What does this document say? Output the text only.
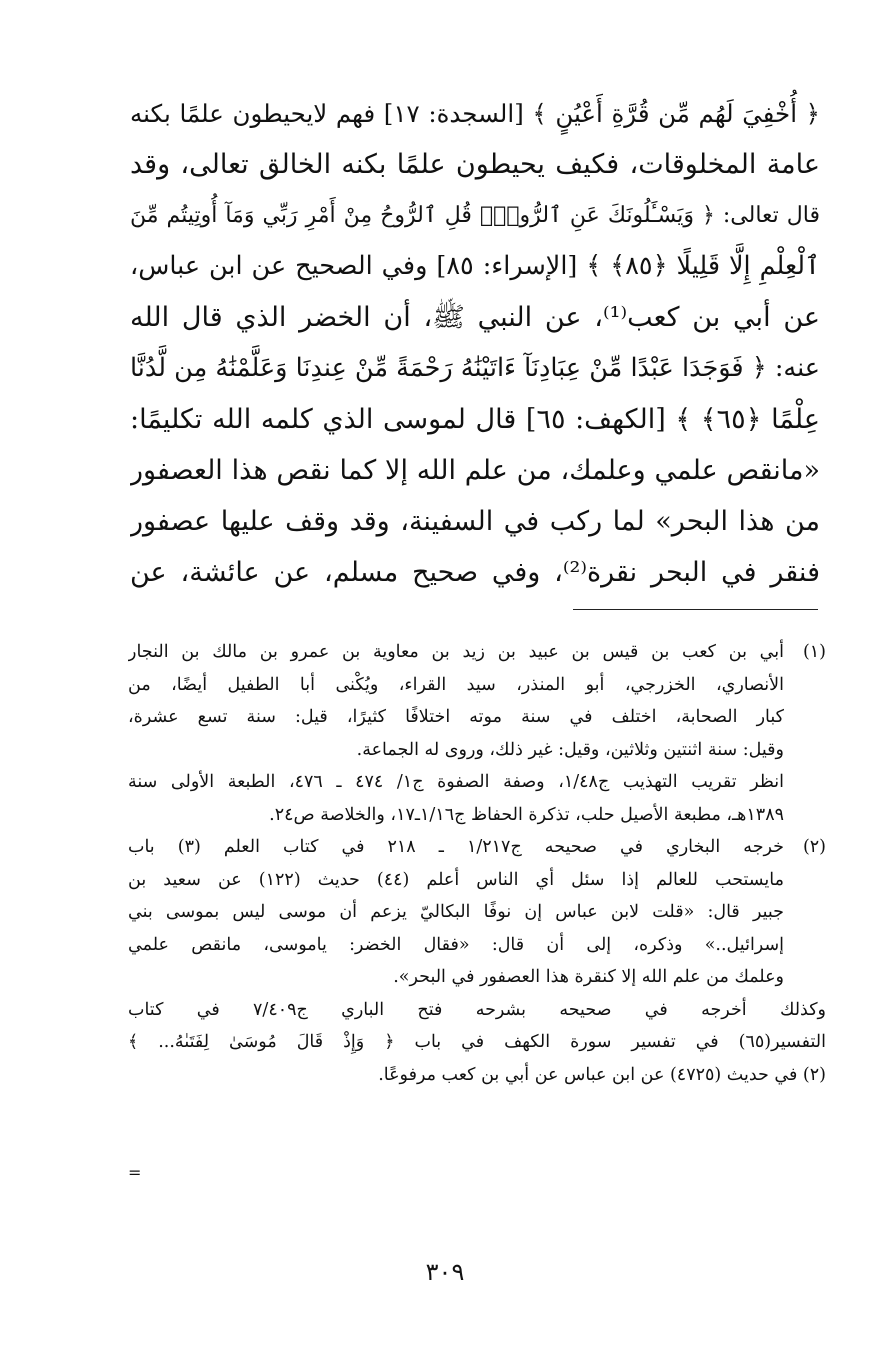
﴿ أُخْفِيَ لَهُم مِّن قُرَّةِ أَعْيُنٍ ﴾ [السجدة: ١٧] فهم لايحيطون علمًا بكنه
عامة المخلوقات، فكيف يحيطون علمًا بكنه الخالق تعالى، وقد
قال تعالى: ﴿ وَيَسْـَٔلُونَكَ عَنِ ٱلرُّوحِۖ قُلِ ٱلرُّوحُ مِنْ أَمْرِ رَبِّي وَمَآ أُوتِيتُم مِّنَ
ٱلْعِلْمِ إِلَّا قَلِيلًا ﴿٨٥﴾ ﴾ [الإسراء: ٨٥] وفي الصحيح عن ابن عباس،
عن أبي بن كعب⁽¹⁾، عن النبي ﷺ، أن الخضر الذي قال الله
عنه: ﴿ فَوَجَدَا عَبْدًا مِّنْ عِبَادِنَآ ءَاتَيْنَٰهُ رَحْمَةً مِّنْ عِندِنَا وَعَلَّمْنَٰهُ مِن لَّدُنَّا
عِلْمًا ﴿٦٥﴾ ﴾ [الكهف: ٦٥] قال لموسى الذي كلمه الله تكليمًا:
«مانقص علمي وعلمك، من علم الله إلا كما نقص هذا العصفور
من هذا البحر» لما ركب في السفينة، وقد وقف عليها عصفور
فنقر في البحر نقرة⁽²⁾، وفي صحيح مسلم، عن عائشة، عن
(١)
أبي بن كعب بن قيس بن عبيد بن زيد بن معاوية بن عمرو بن مالك بن النجار
الأنصاري، الخزرجي، أبو المنذر، سيد القراء، ويُكْنى أبا الطفيل أيضًا، من
كبار الصحابة، اختلف في سنة موته اختلافًا كثيرًا، قيل: سنة تسع عشرة،
وقيل: سنة اثنتين وثلاثين، وقيل: غير ذلك، وروى له الجماعة.
انظر تقريب التهذيب ج١/٤٨، وصفة الصفوة ج١/ ٤٧٤ ـ ٤٧٦، الطبعة الأولى سنة
١٣٨٩هـ، مطبعة الأصيل حلب، تذكرة الحفاظ ج١/١٦ـ١٧، والخلاصة ص٢٤.
(٢)
خرجه البخاري في صحيحه ج١/٢١٧ ـ ٢١٨ في كتاب العلم (٣) باب
مايستحب للعالم إذا سئل أي الناس أعلم (٤٤) حديث (١٢٢) عن سعيد بن
جبير قال: «قلت لابن عباس إن نوفًا البكاليّ يزعم أن موسى ليس بموسى بني
إسرائيل..» وذكره، إلى أن قال: «فقال الخضر: ياموسى، مانقص علمي
وعلمك من علم الله إلا كنقرة هذا العصفور في البحر».
وكذلك أخرجه في صحيحه بشرحه فتح الباري ج٧/٤٠٩ في كتاب
التفسير(٦٥) في تفسير سورة الكهف في باب ﴿ وَإِذْ قَالَ مُوسَىٰ لِفَتَىٰهُ... ﴾
(٢) في حديث (٤٧٢٥) عن ابن عباس عن أبي بن كعب مرفوعًا.
=
٣٠٩
